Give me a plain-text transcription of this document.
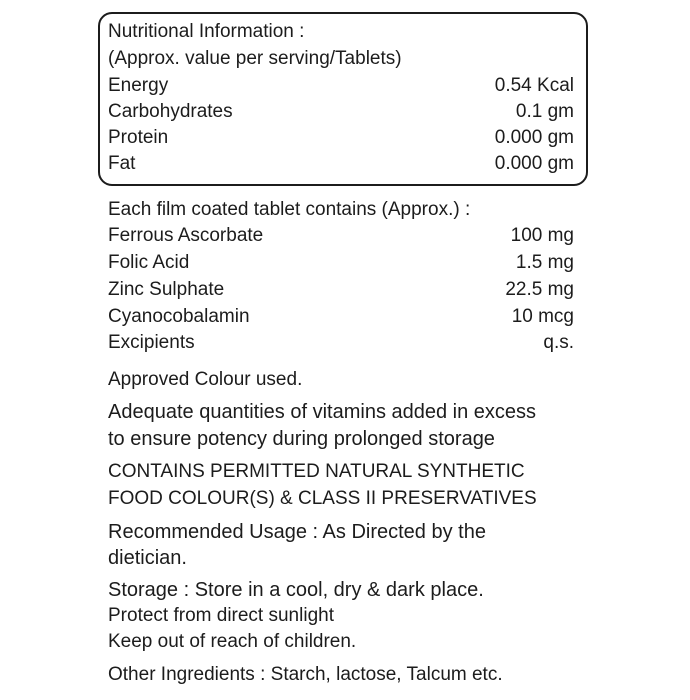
Nutritional Information :
(Approx. value per serving/Tablets)
Energy	0.54 Kcal
Carbohydrates	0.1 gm
Protein	0.000 gm
Fat	0.000 gm
Each film coated tablet contains (Approx.) :
Ferrous Ascorbate	100 mg
Folic Acid	1.5 mg
Zinc Sulphate	22.5 mg
Cyanocobalamin	10 mcg
Excipients	q.s.
Approved Colour used.
Adequate quantities of vitamins added in excess
to ensure potency during prolonged storage
CONTAINS PERMITTED NATURAL SYNTHETIC
FOOD COLOUR(S) & CLASS II PRESERVATIVES
Recommended Usage : As Directed by the
dietician.
Storage : Store in a cool, dry & dark place.
Protect from direct sunlight
Keep out of reach of children.
Other Ingredients : Starch, lactose, Talcum etc.
